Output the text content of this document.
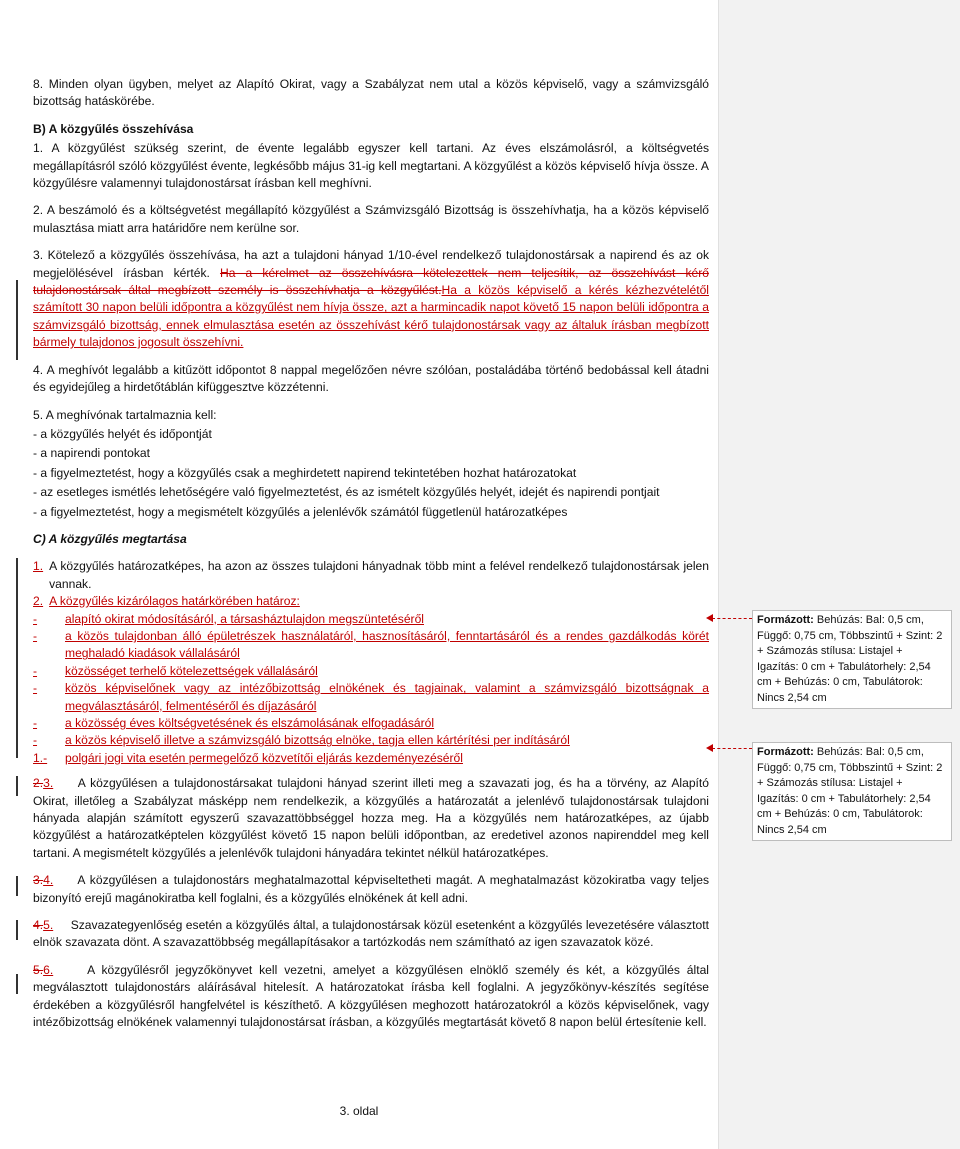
8. Minden olyan ügyben, melyet az Alapító Okirat, vagy a Szabályzat nem utal a közös képviselő, vagy a számvizsgáló bizottság hatáskörébe.

B) A közgyűlés összehívása

1. A közgyűlést szükség szerint, de évente legalább egyszer kell tartani. Az éves elszámolásról, a költségvetés megállapításról szóló közgyűlést évente, legkésőbb május 31-ig kell megtartani. A közgyűlést a közös képviselő hívja össze. A közgyűlésre valamennyi tulajdonostársat írásban kell meghívni.

2. A beszámoló és a költségvetést megállapító közgyűlést a Számvizsgáló Bizottság is összehívhatja, ha a közös képviselő mulasztása miatt arra határidőre nem kerülne sor.

3. Kötelező a közgyűlés összehívása, ha azt a tulajdoni hányad 1/10-ével rendelkező tulajdonostársak a napirend és az ok megjelölésével írásban kérték. Ha a kérelmet az összehívásra kötelezettek nem teljesítik, az összehívást kérő tulajdonostársak által megbízott személy is összehívhatja a közgyűlést.Ha a közös képviselő a kérés kézhezvételétől számított 30 napon belüli időpontra a közgyűlést nem hívja össze, azt a harmincadik napot követő 15 napon belüli időpontra a számvizsgáló bizottság, ennek elmulasztása esetén az összehívást kérő tulajdonostársak vagy az általuk írásban megbízott bármely tulajdonos jogosult összehívni.

4. A meghívót legalább a kitűzött időpontot 8 nappal megelőzően névre szólóan, postaládába történő bedobással kell átadni és egyidejűleg a hirdetőtáblán kifüggesztve közzétenni.

5. A meghívónak tartalmaznia kell:

- a közgyűlés helyét és időpontját

- a napirendi pontokat

- a figyelmeztetést, hogy a közgyűlés csak a meghirdetett napirend tekintetében hozhat határozatokat

- az esetleges ismétlés lehetőségére való figyelmeztetést, és az ismételt közgyűlés helyét, idejét és napirendi pontjait

- a figyelmeztetést, hogy a megismételt közgyűlés a jelenlévők számától függetlenül határozatképes

C) A közgyűlés megtartása

1. A közgyűlés határozatképes, ha azon az összes tulajdoni hányadnak több mint a felével rendelkező tulajdonostársak jelen vannak.
2. A közgyűlés kizárólagos határkörében határoz:
-	alapító okirat módosításáról, a társasháztulajdon megszüntetéséről
-	a közös tulajdonban álló épületrészek használatáról, hasznosításáról, fenntartásáról és a rendes gazdálkodás körét meghaladó kiadások vállalásáról
-	közösséget terhelő kötelezettségek vállalásáról
-	közös képviselőnek vagy az intézőbizottság elnökének és tagjainak, valamint a számvizsgáló bizottságnak a megválasztásáról, felmentéséről és díjazásáról
-	a közösség éves költségvetésének és elszámolásának elfogadásáról
-	a közös képviselő illetve a számvizsgáló bizottság elnöke, tagja ellen kártérítési per indításáról
1.-	polgári jogi vita esetén permegelőző közvetítői eljárás kezdeményezéséről

2.3. A közgyűlésen a tulajdonostársakat tulajdoni hányad szerint illeti meg a szavazati jog, és ha a törvény, az Alapító Okirat, illetőleg a Szabályzat másképp nem rendelkezik, a közgyűlés a határozatát a jelenlévő tulajdonostársak tulajdoni hányada alapján számított egyszerű szavazattöbbséggel hozza meg. Ha a közgyűlés nem határozatképes, az újabb közgyűlést a határozatképtelen közgyűlést követő 15 napon belüli időpontban, az eredetivel azonos napirenddel meg kell tartani. A megismételt közgyűlés a jelenlévők tulajdoni hányadára tekintet nélkül határozatképes.

3.4. A közgyűlésen a tulajdonostárs meghatalmazottal képviseltetheti magát. A meghatalmazást közokiratba vagy teljes bizonyító erejű magánokiratba kell foglalni, és a közgyűlés elnökének át kell adni.

4.5. Szavazategyenlőség esetén a közgyűlés által, a tulajdonostársak közül esetenként a közgyűlés levezetésére választott elnök szavazata dönt. A szavazattöbbség megállapításakor a tartózkodás nem számítható az igen szavazatok közé.

5.6.	A közgyűlésről jegyzőkönyvet kell vezetni, amelyet a közgyűlésen elnöklő személy és két, a közgyűlés által megválasztott tulajdonostárs aláírásával hitelesít. A határozatokat írásba kell foglalni. A jegyzőkönyv-készítés segítése érdekében a közgyűlésről hangfelvétel is készíthető. A közgyűlésen meghozott határozatokról a közös képviselőnek, vagy intézőbizottság elnökének valamennyi tulajdonostársat írásban, a közgyűlés megtartását követő 8 napon belül értesítenie kell.

3. oldal
Formázott: Behúzás: Bal: 0,5 cm, Függő: 0,75 cm, Többszintű + Szint: 2 + Számozás stílusa: Listajel + Igazítás: 0 cm + Tabulátorhely: 2,54 cm + Behúzás: 0 cm, Tabulátorok: Nincs 2,54 cm
Formázott: Behúzás: Bal: 0,5 cm, Függő: 0,75 cm, Többszintű + Szint: 2 + Számozás stílusa: Listajel + Igazítás: 0 cm + Tabulátorhely: 2,54 cm + Behúzás: 0 cm, Tabulátorok: Nincs 2,54 cm
